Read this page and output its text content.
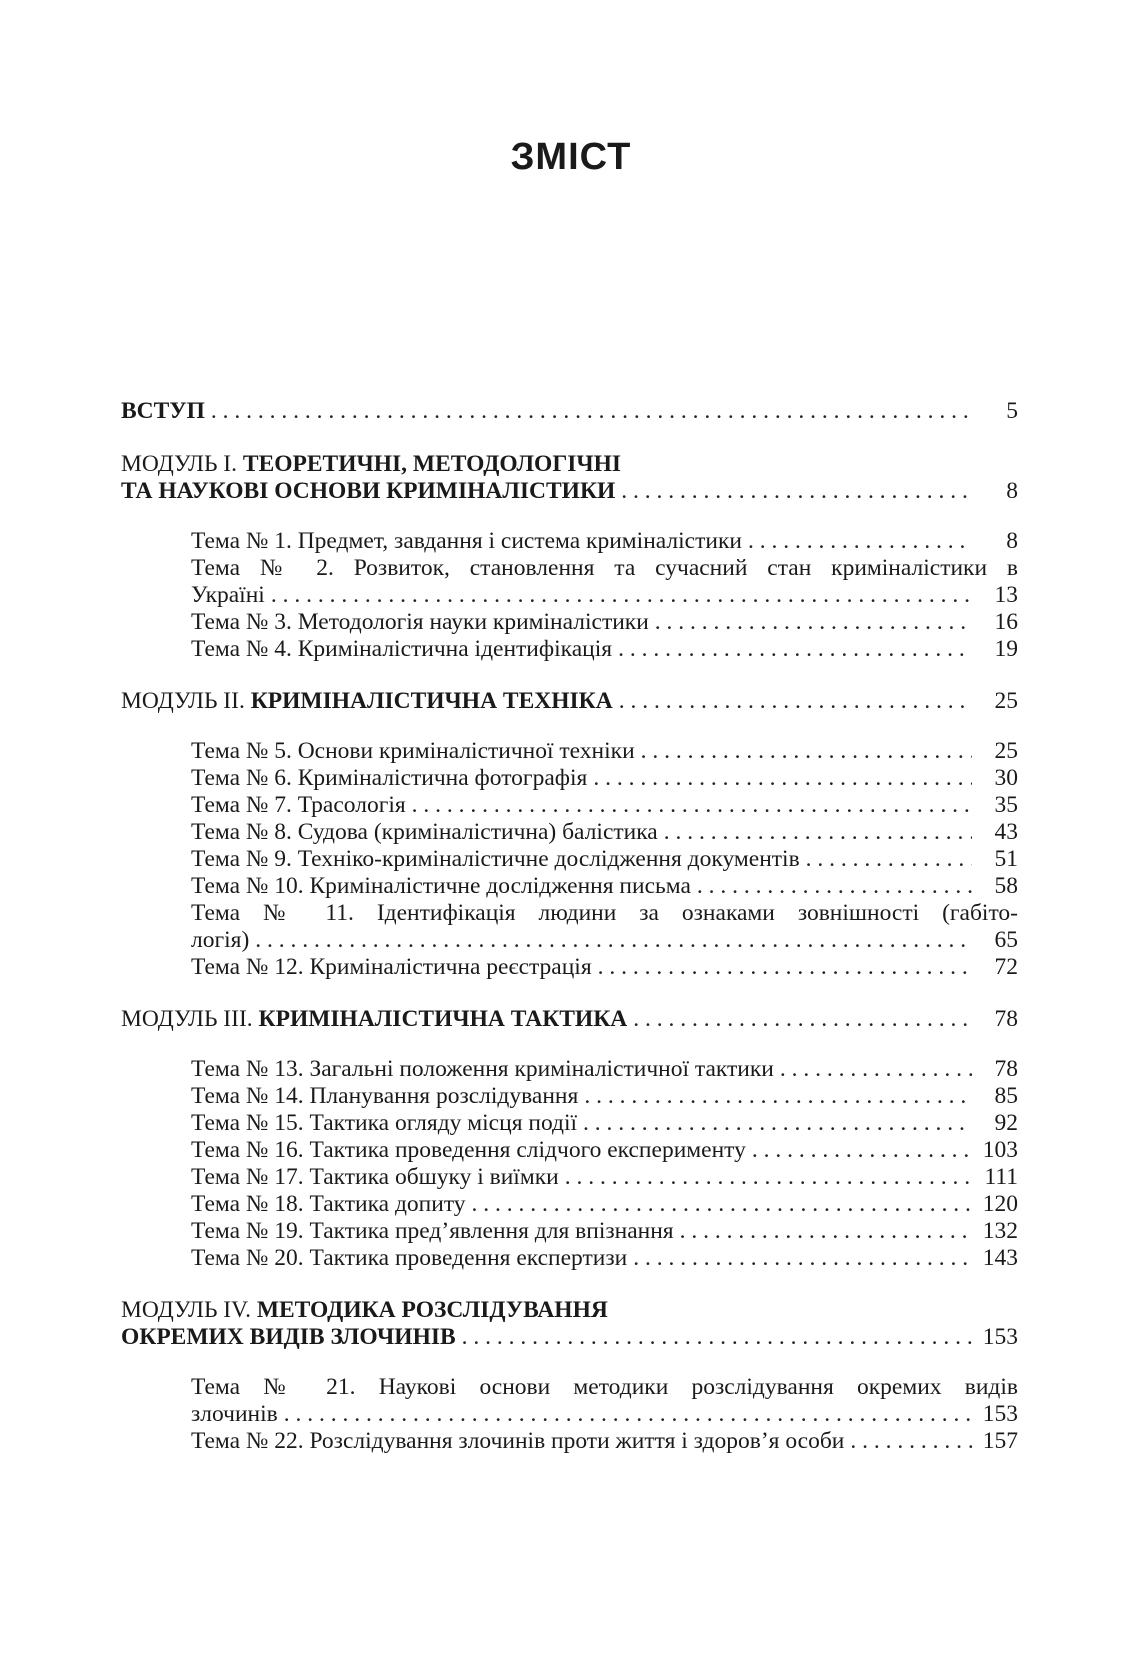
ЗМІСТ
ВСТУП . . .	5
МОДУЛЬ І. ТЕОРЕТИЧНІ, МЕТОДОЛОГІЧНІ
ТА НАУКОВІ ОСНОВИ КРИМІНАЛІСТИКИ . . .	8
Тема № 1. Предмет, завдання і система криміналістики . . .	8
Тема № 2. Розвиток, становлення та сучасний стан криміналістики в
Україні . . .	13
Тема № 3. Методологія науки криміналістики . . .	16
Тема № 4. Криміналістична ідентифікація . . .	19
МОДУЛЬ ІІ. КРИМІНАЛІСТИЧНА ТЕХНІКА . . .	25
Тема № 5. Основи криміналістичної техніки . . .	25
Тема № 6. Криміналістична фотографія . . .	30
Тема № 7. Трасологія . . .	35
Тема № 8. Судова (криміналістична) балістика . . .	43
Тема № 9. Техніко-криміналістичне дослідження документів . . .	51
Тема № 10. Криміналістичне дослідження письма . . .	58
Тема № 11. Ідентифікація людини за ознаками зовнішності (габіто-
логія) . . .	65
Тема № 12. Криміналістична реєстрація . . .	72
МОДУЛЬ ІІІ. КРИМІНАЛІСТИЧНА ТАКТИКА . . .	78
Тема № 13. Загальні положення криміналістичної тактики . . .	78
Тема № 14. Планування розслідування . . .	85
Тема № 15. Тактика огляду місця події . . .	92
Тема № 16. Тактика проведення слідчого експерименту . . .	103
Тема № 17. Тактика обшуку і виїмки . . .	111
Тема № 18. Тактика допиту . . .	120
Тема № 19. Тактика пред’явлення для впізнання . . .	132
Тема № 20. Тактика проведення експертизи . . .	143
МОДУЛЬ IV. МЕТОДИКА РОЗСЛІДУВАННЯ
ОКРЕМИХ ВИДІВ ЗЛОЧИНІВ . . .	153
Тема № 21. Наукові основи методики розслідування окремих видів
злочинів . . .	153
Тема № 22. Розслідування злочинів проти життя і здоров’я особи . . .	157
